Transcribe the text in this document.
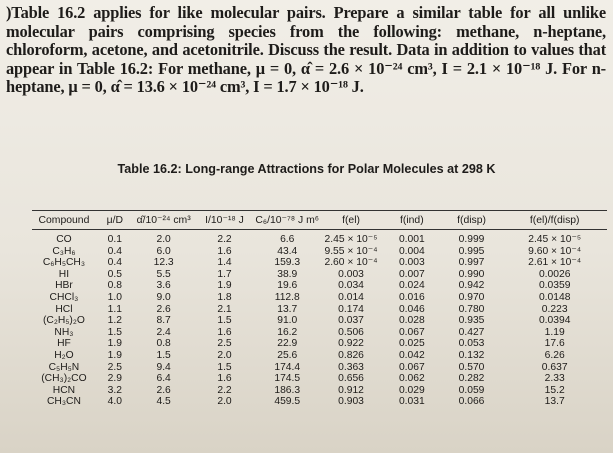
)Table 16.2 applies for like molecular pairs. Prepare a similar table for all unlike molecular pairs comprising species from the following: methane, n-heptane, chloroform, acetone, and acetonitrile. Discuss the result. Data in addition to values that appear in Table 16.2: For methane, μ = 0, α̂ = 2.6 × 10⁻²⁴ cm³, I = 2.1 × 10⁻¹⁸ J. For n-heptane, μ = 0, α̂ = 13.6 × 10⁻²⁴ cm³, I = 1.7 × 10⁻¹⁸ J.

Table 16.2: Long-range Attractions for Polar Molecules at 298 K
Compound	μ/D	α̂/10⁻²⁴ cm³	I/10⁻¹⁸ J	C₆/10⁻⁷⁸ J m⁶	f(el)	f(ind)	f(disp)	f(el)/f(disp)
CO	0.1	2.0	2.2	6.6	2.45 × 10⁻⁵	0.001	0.999	2.45 × 10⁻⁵
C₃H₆	0.4	6.0	1.6	43.4	9.55 × 10⁻⁴	0.004	0.995	9.60 × 10⁻⁴
C₆H₅CH₃	0.4	12.3	1.4	159.3	2.60 × 10⁻⁴	0.003	0.997	2.61 × 10⁻⁴
HI	0.5	5.5	1.7	38.9	0.003	0.007	0.990	0.0026
HBr	0.8	3.6	1.9	19.6	0.034	0.024	0.942	0.0359
CHCl₃	1.0	9.0	1.8	112.8	0.014	0.016	0.970	0.0148
HCl	1.1	2.6	2.1	13.7	0.174	0.046	0.780	0.223
(C₂H₅)₂O	1.2	8.7	1.5	91.0	0.037	0.028	0.935	0.0394
NH₃	1.5	2.4	1.6	16.2	0.506	0.067	0.427	1.19
HF	1.9	0.8	2.5	22.9	0.922	0.025	0.053	17.6
H₂O	1.9	1.5	2.0	25.6	0.826	0.042	0.132	6.26
C₅H₅N	2.5	9.4	1.5	174.4	0.363	0.067	0.570	0.637
(CH₃)₂CO	2.9	6.4	1.6	174.5	0.656	0.062	0.282	2.33
HCN	3.2	2.6	2.2	186.3	0.912	0.029	0.059	15.2
CH₃CN	4.0	4.5	2.0	459.5	0.903	0.031	0.066	13.7
